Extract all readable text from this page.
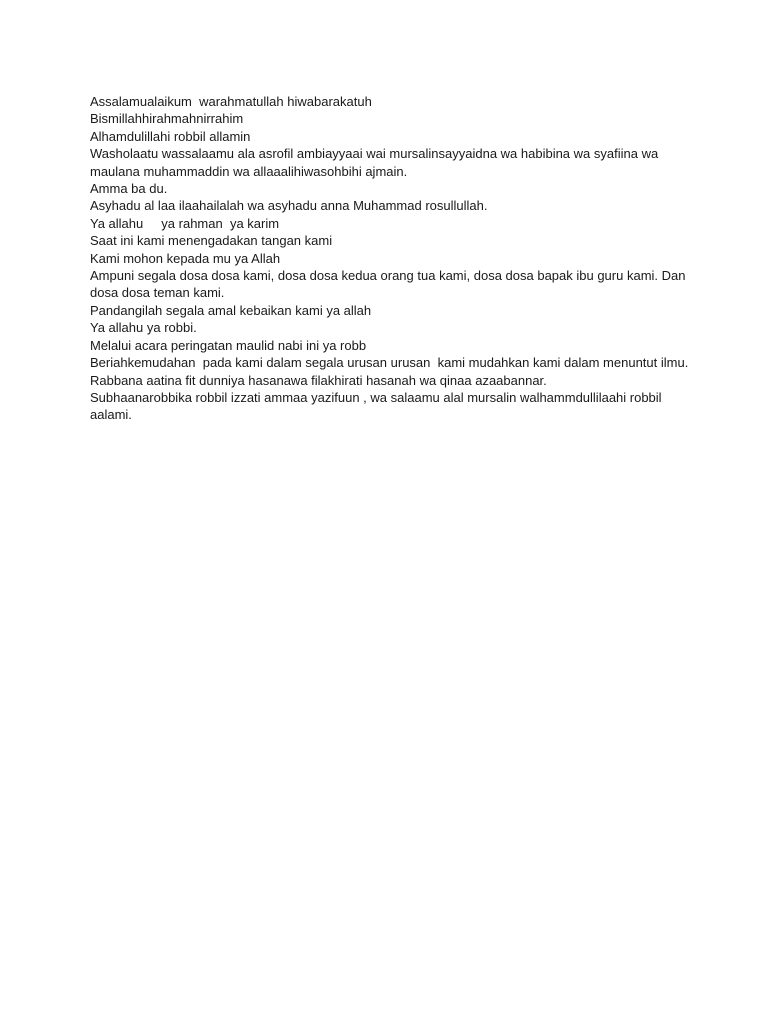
Assalamualaikum  warahmatullah hiwabarakatuh

Bismillahhirahmahnirrahim

Alhamdulillahi robbil allamin

Washolaatu wassalaamu ala asrofil ambiayyaai wai mursalinsayyaidna wa habibina wa syafiina wa maulana muhammaddin wa allaaalihiwasohbihi ajmain.

Amma ba du.

Asyhadu al laa ilaahailalah wa asyhadu anna Muhammad rosullullah.

Ya allahu     ya rahman  ya karim

Saat ini kami menengadakan tangan kami

Kami mohon kepada mu ya Allah

Ampuni segala dosa dosa kami, dosa dosa kedua orang tua kami, dosa dosa bapak ibu guru kami. Dan dosa dosa teman kami.

Pandangilah segala amal kebaikan kami ya allah

Ya allahu ya robbi.

Melalui acara peringatan maulid nabi ini ya robb

Beriahkemudahan  pada kami dalam segala urusan urusan  kami mudahkan kami dalam menuntut ilmu.

Rabbana aatina fit dunniya hasanawa filakhirati hasanah wa qinaa azaabannar.

Subhaanarobbika robbil izzati ammaa yazifuun , wa salaamu alal mursalin walhammdullilaahi robbil aalami.
